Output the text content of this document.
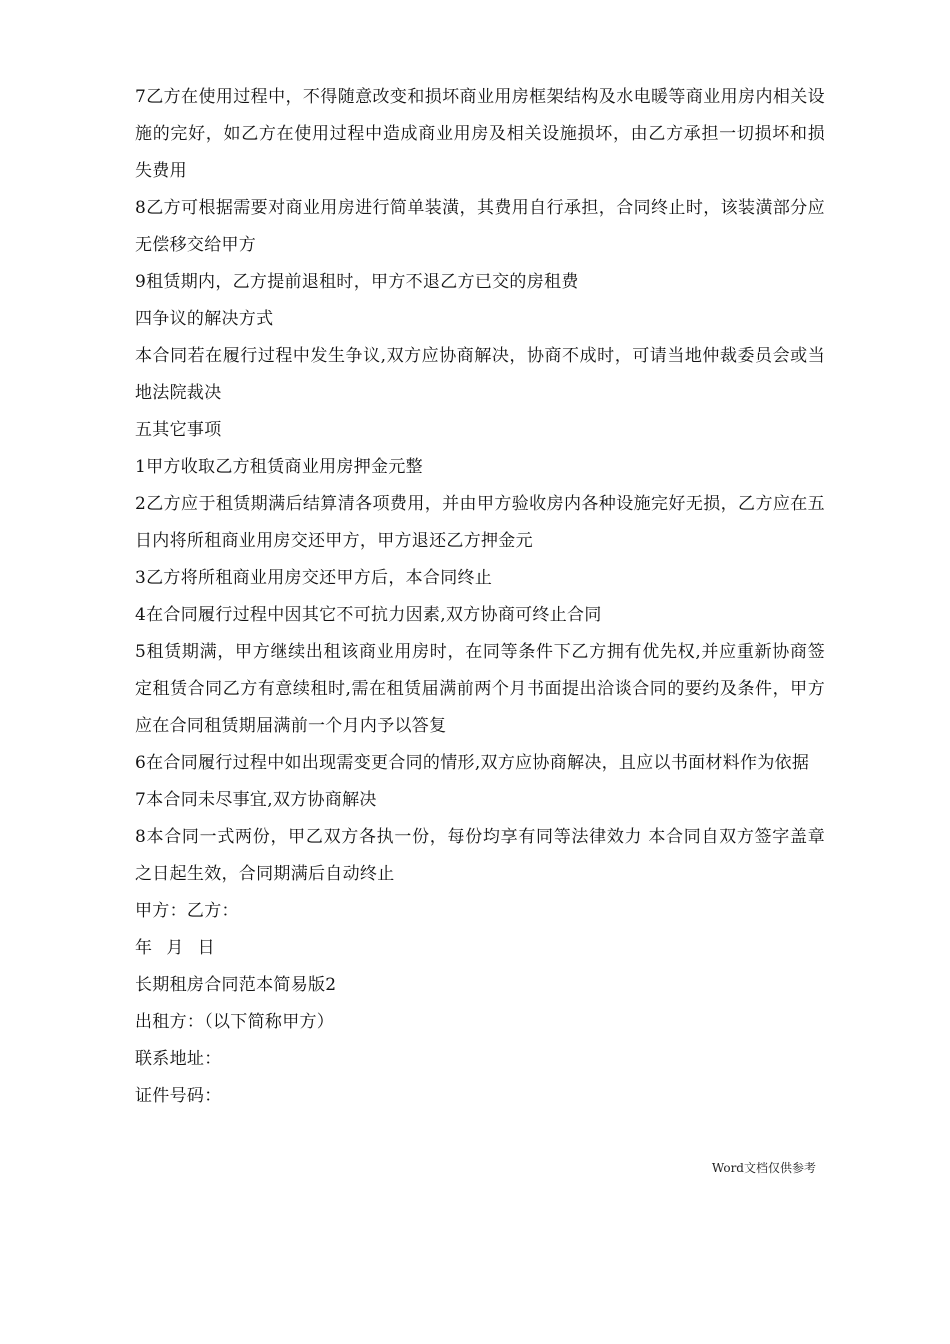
7乙方在使用过程中，不得随意改变和损坏商业用房框架结构及水电暖等商业用房内相关设施的完好，如乙方在使用过程中造成商业用房及相关设施损坏，由乙方承担一切损坏和损失费用

8乙方可根据需要对商业用房进行简单装潢，其费用自行承担，合同终止时，该装潢部分应无偿移交给甲方

9租赁期内，乙方提前退租时，甲方不退乙方已交的房租费

四争议的解决方式

本合同若在履行过程中发生争议,双方应协商解决，协商不成时，可请当地仲裁委员会或当地法院裁决

五其它事项

1甲方收取乙方租赁商业用房押金元整

2乙方应于租赁期满后结算清各项费用，并由甲方验收房内各种设施完好无损，乙方应在五日内将所租商业用房交还甲方，甲方退还乙方押金元

3乙方将所租商业用房交还甲方后，本合同终止

4在合同履行过程中因其它不可抗力因素,双方协商可终止合同

5租赁期满，甲方继续出租该商业用房时，在同等条件下乙方拥有优先权,并应重新协商签定租赁合同乙方有意续租时,需在租赁届满前两个月书面提出洽谈合同的要约及条件，甲方应在合同租赁期届满前一个月内予以答复

6在合同履行过程中如出现需变更合同的情形,双方应协商解决，且应以书面材料作为依据

7本合同未尽事宜,双方协商解决

8本合同一式两份，甲乙双方各执一份，每份均享有同等法律效力 本合同自双方签字盖章之日起生效，合同期满后自动终止

甲方：乙方：

年 月 日

长期租房合同范本简易版2

出租方：（以下简称甲方）

联系地址：

证件号码：

Word文档仅供参考
